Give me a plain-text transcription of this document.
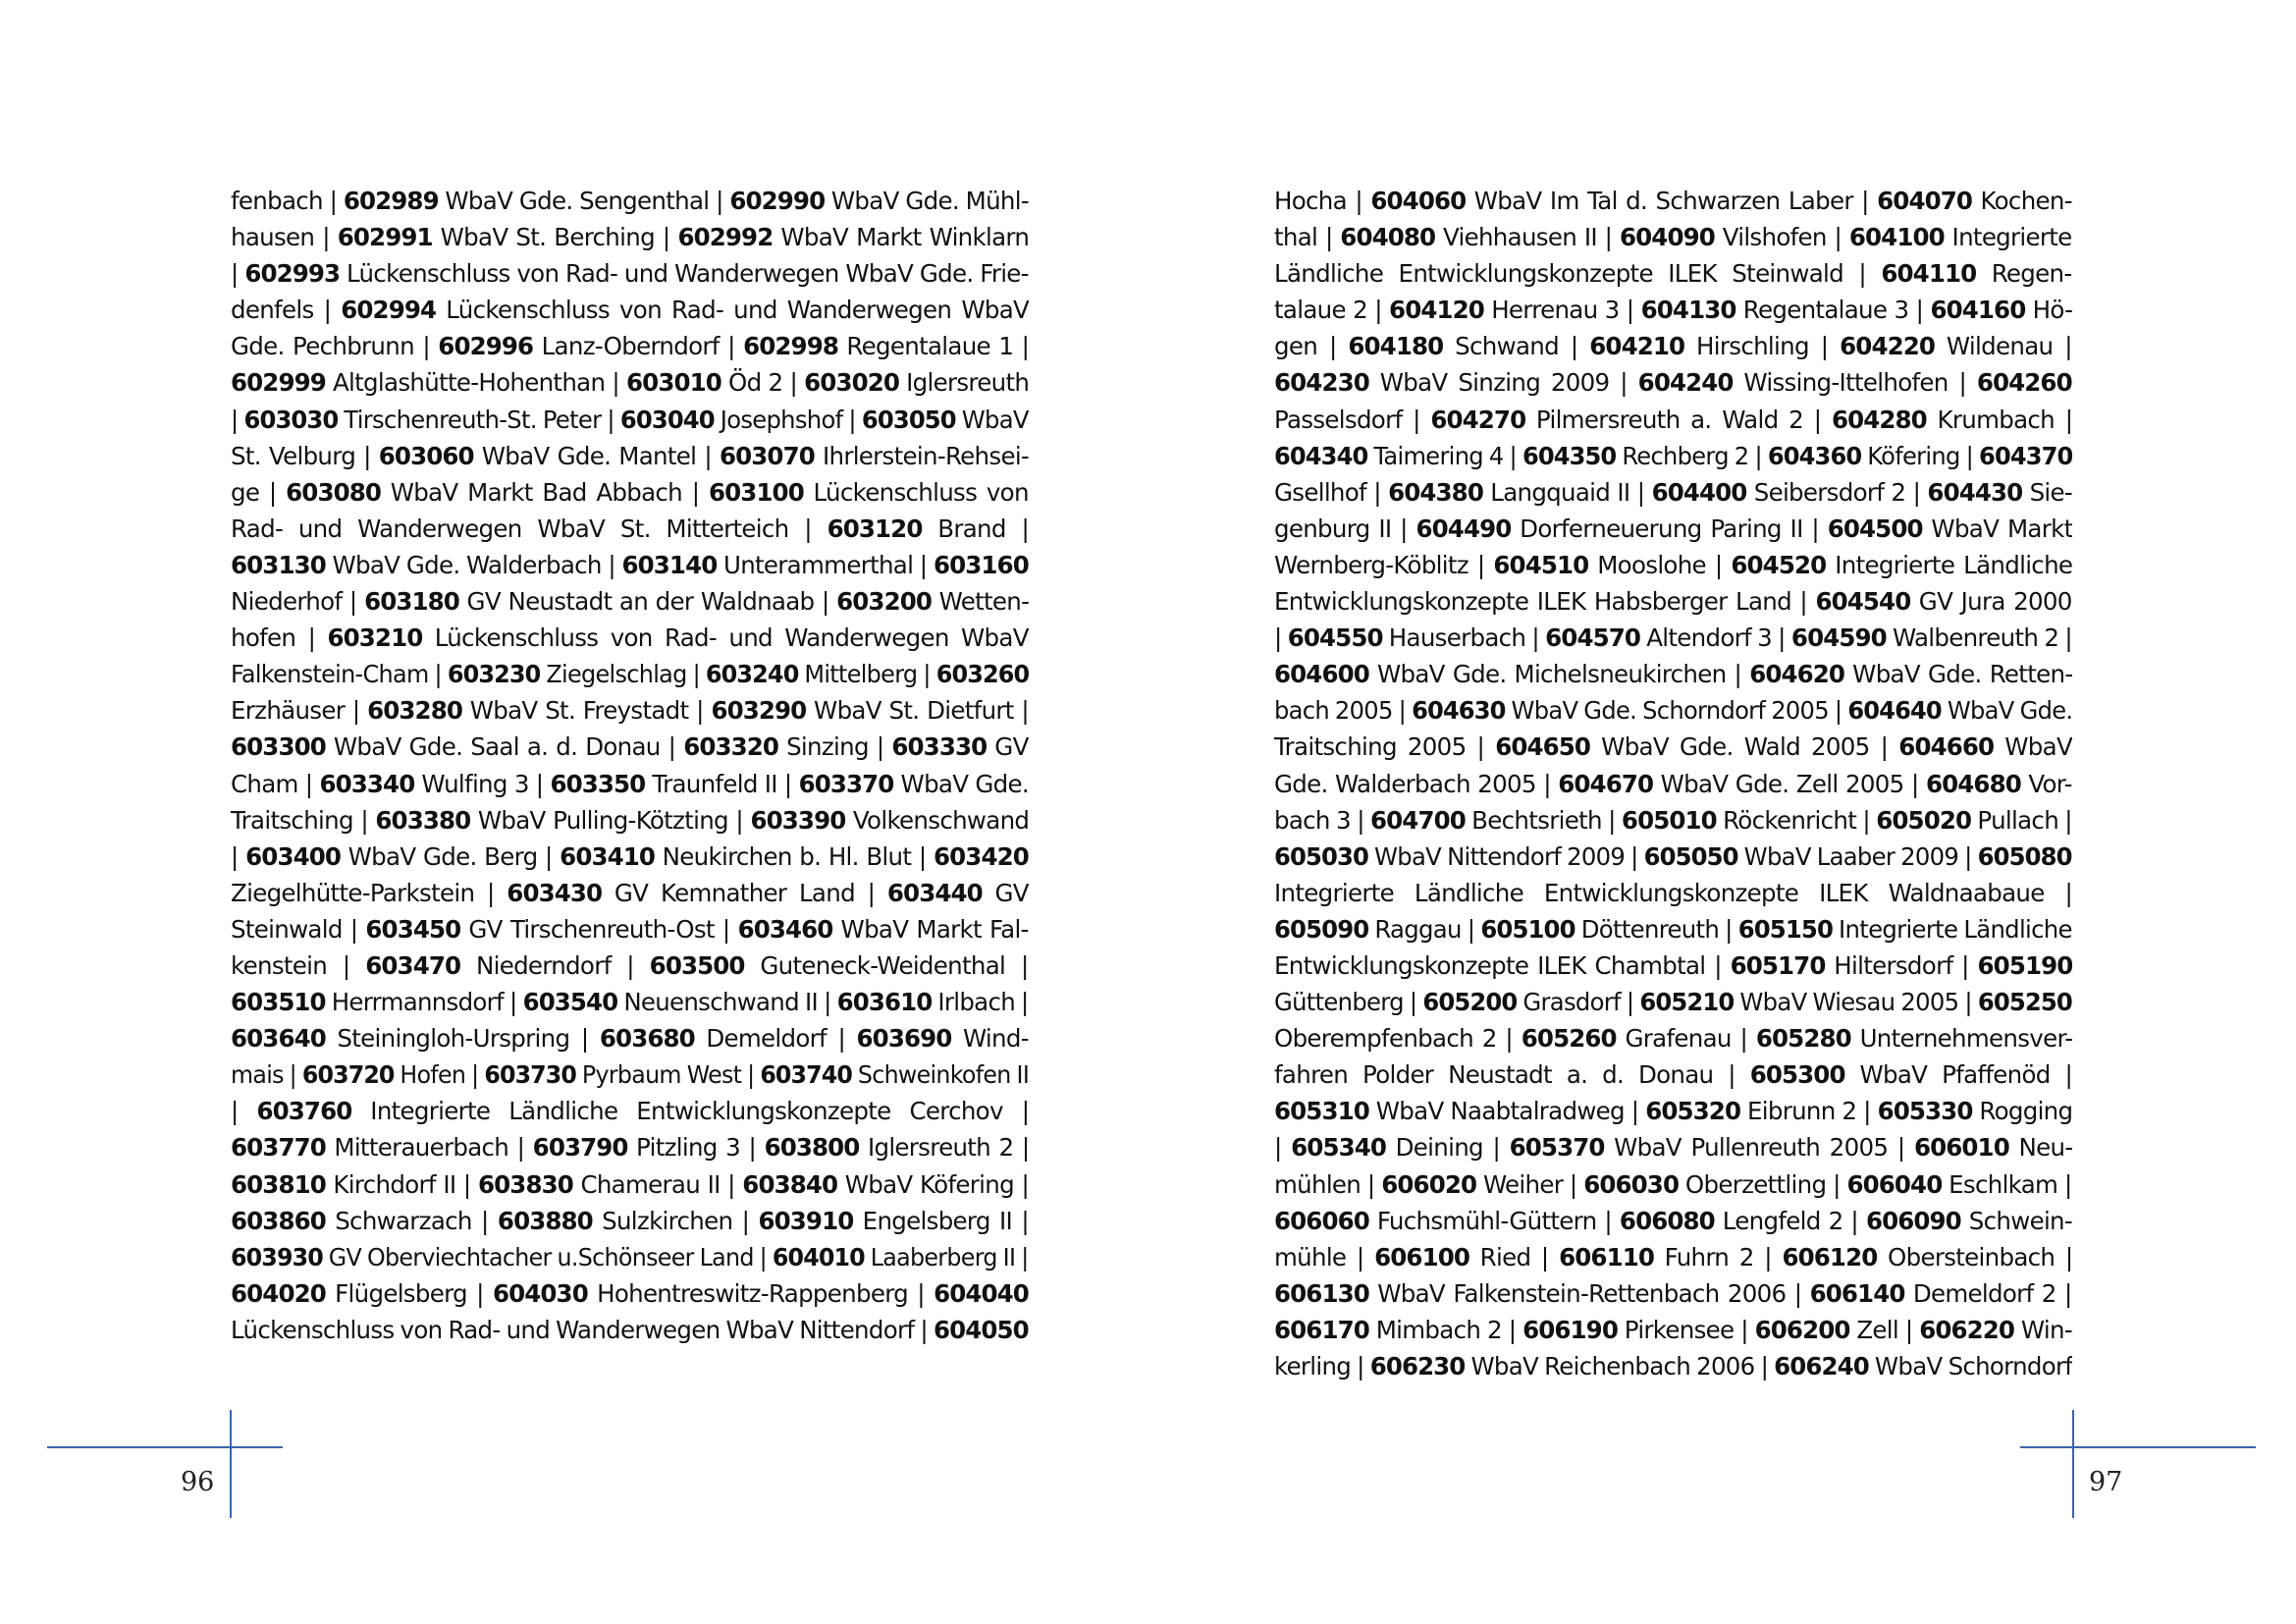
fenbach | 602989 WbaV Gde. Sengenthal | 602990 WbaV Gde. Mühl-
hausen | 602991 WbaV St. Berching | 602992 WbaV Markt Winklarn
| 602993 Lückenschluss von Rad- und Wanderwegen WbaV Gde. Frie-
denfels | 602994 Lückenschluss von Rad- und Wanderwegen WbaV
Gde. Pechbrunn | 602996 Lanz-Oberndorf | 602998 Regentalaue 1 |
602999 Altglashütte-Hohenthan | 603010 Öd 2 | 603020 Iglersreuth
| 603030 Tirschenreuth-St. Peter | 603040 Josephshof | 603050 WbaV
St. Velburg | 603060 WbaV Gde. Mantel | 603070 Ihrlerstein-Rehsei-
ge | 603080 WbaV Markt Bad Abbach | 603100 Lückenschluss von
Rad- und Wanderwegen WbaV St. Mitterteich | 603120 Brand |
603130 WbaV Gde. Walderbach | 603140 Unterammerthal | 603160
Niederhof | 603180 GV Neustadt an der Waldnaab | 603200 Wetten-
hofen | 603210 Lückenschluss von Rad- und Wanderwegen WbaV
Falkenstein-Cham | 603230 Ziegelschlag | 603240 Mittelberg | 603260
Erzhäuser | 603280 WbaV St. Freystadt | 603290 WbaV St. Dietfurt |
603300 WbaV Gde. Saal a. d. Donau | 603320 Sinzing | 603330 GV
Cham | 603340 Wulfing 3 | 603350 Traunfeld II | 603370 WbaV Gde.
Traitsching | 603380 WbaV Pulling-Kötzting | 603390 Volkenschwand
| 603400 WbaV Gde. Berg | 603410 Neukirchen b. Hl. Blut | 603420
Ziegelhütte-Parkstein | 603430 GV Kemnather Land | 603440 GV
Steinwald | 603450 GV Tirschenreuth-Ost | 603460 WbaV Markt Fal-
kenstein | 603470 Niederndorf | 603500 Guteneck-Weidenthal |
603510 Herrmannsdorf | 603540 Neuenschwand II | 603610 Irlbach |
603640 Steiningloh-Urspring | 603680 Demeldorf | 603690 Wind-
mais | 603720 Hofen | 603730 Pyrbaum West | 603740 Schweinkofen II
| 603760 Integrierte Ländliche Entwicklungskonzepte Cerchov |
603770 Mitterauerbach | 603790 Pitzling 3 | 603800 Iglersreuth 2 |
603810 Kirchdorf II | 603830 Chamerau II | 603840 WbaV Köfering |
603860 Schwarzach | 603880 Sulzkirchen | 603910 Engelsberg II |
603930 GV Oberviechtacher u.Schönseer Land | 604010 Laaberberg II |
604020 Flügelsberg | 604030 Hohentreswitz-Rappenberg | 604040
Lückenschluss von Rad- und Wanderwegen WbaV Nittendorf | 604050
Hocha | 604060 WbaV Im Tal d. Schwarzen Laber | 604070 Kochen-
thal | 604080 Viehhausen II | 604090 Vilshofen | 604100 Integrierte
Ländliche Entwicklungskonzepte ILEK Steinwald | 604110 Regen-
talaue 2 | 604120 Herrenau 3 | 604130 Regentalaue 3 | 604160 Hö-
gen | 604180 Schwand | 604210 Hirschling | 604220 Wildenau |
604230 WbaV Sinzing 2009 | 604240 Wissing-Ittelhofen | 604260
Passelsdorf | 604270 Pilmersreuth a. Wald 2 | 604280 Krumbach |
604340 Taimering 4 | 604350 Rechberg 2 | 604360 Köfering | 604370
Gsellhof | 604380 Langquaid II | 604400 Seibersdorf 2 | 604430 Sie-
genburg II | 604490 Dorferneuerung Paring II | 604500 WbaV Markt
Wernberg-Köblitz | 604510 Mooslohe | 604520 Integrierte Ländliche
Entwicklungskonzepte ILEK Habsberger Land | 604540 GV Jura 2000
| 604550 Hauserbach | 604570 Altendorf 3 | 604590 Walbenreuth 2 |
604600 WbaV Gde. Michelsneukirchen | 604620 WbaV Gde. Retten-
bach 2005 | 604630 WbaV Gde. Schorndorf 2005 | 604640 WbaV Gde.
Traitsching 2005 | 604650 WbaV Gde. Wald 2005 | 604660 WbaV
Gde. Walderbach 2005 | 604670 WbaV Gde. Zell 2005 | 604680 Vor-
bach 3 | 604700 Bechtsrieth | 605010 Röckenricht | 605020 Pullach |
605030 WbaV Nittendorf 2009 | 605050 WbaV Laaber 2009 | 605080
Integrierte Ländliche Entwicklungskonzepte ILEK Waldnaabaue |
605090 Raggau | 605100 Döttenreuth | 605150 Integrierte Ländliche
Entwicklungskonzepte ILEK Chambtal | 605170 Hiltersdorf | 605190
Güttenberg | 605200 Grasdorf | 605210 WbaV Wiesau 2005 | 605250
Oberempfenbach 2 | 605260 Grafenau | 605280 Unternehmensver-
fahren Polder Neustadt a. d. Donau | 605300 WbaV Pfaffenöd |
605310 WbaV Naabtalradweg | 605320 Eibrunn 2 | 605330 Rogging
| 605340 Deining | 605370 WbaV Pullenreuth 2005 | 606010 Neu-
mühlen | 606020 Weiher | 606030 Oberzettling | 606040 Eschlkam |
606060 Fuchsmühl-Güttern | 606080 Lengfeld 2 | 606090 Schwein-
mühle | 606100 Ried | 606110 Fuhrn 2 | 606120 Obersteinbach |
606130 WbaV Falkenstein-Rettenbach 2006 | 606140 Demeldorf 2 |
606170 Mimbach 2 | 606190 Pirkensee | 606200 Zell | 606220 Win-
kerling | 606230 WbaV Reichenbach 2006 | 606240 WbaV Schorndorf
96	97
